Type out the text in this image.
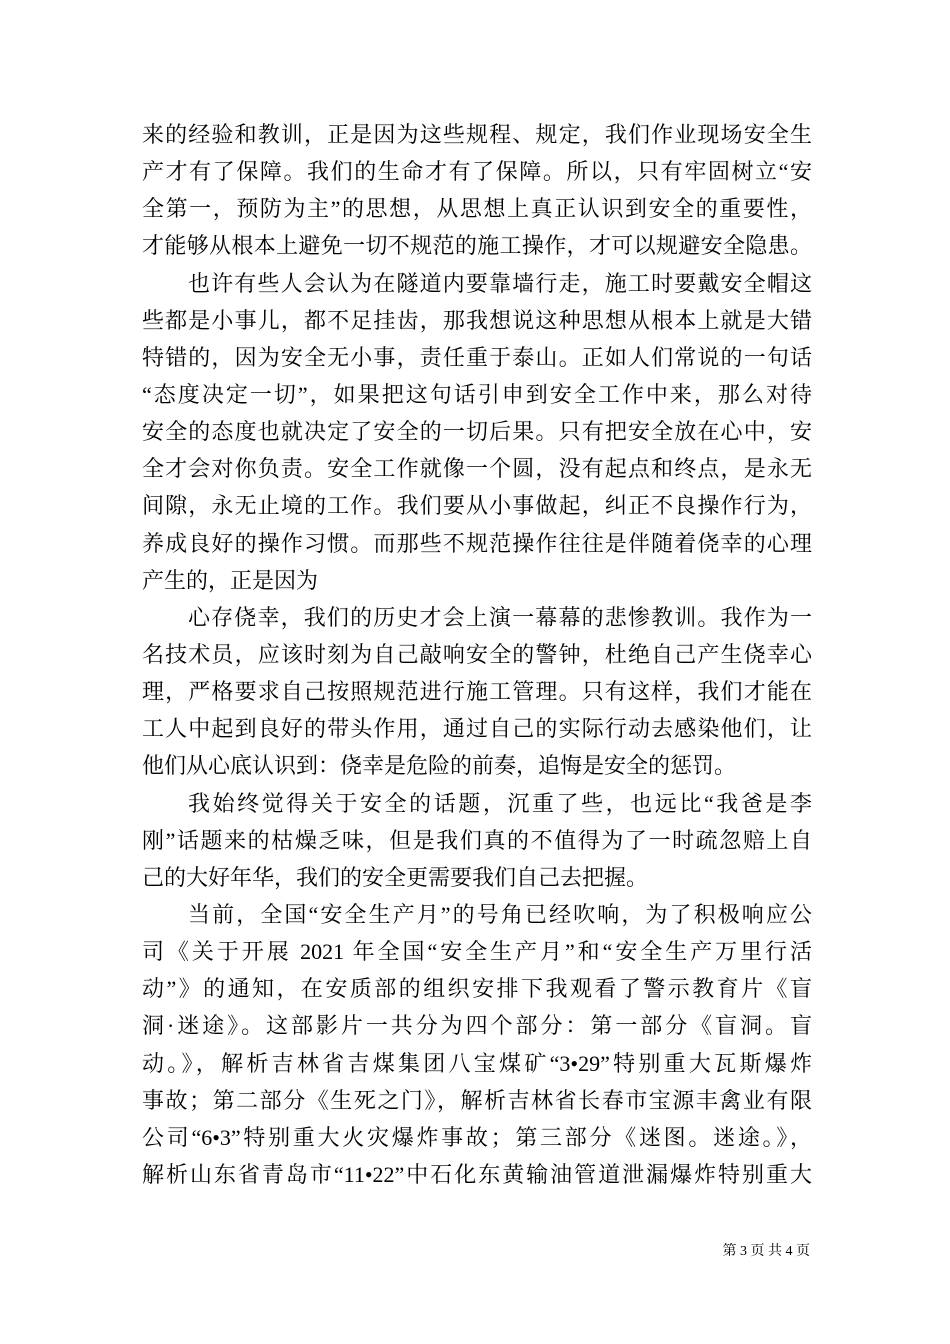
来的经验和教训，正是因为这些规程、规定，我们作业现场安全生
产才有了保障。我们的生命才有了保障。所以，只有牢固树立“安
全第一，预防为主”的思想，从思想上真正认识到安全的重要性，
才能够从根本上避免一切不规范的施工操作，才可以规避安全隐患。
也许有些人会认为在隧道内要靠墙行走，施工时要戴安全帽这
些都是小事儿，都不足挂齿，那我想说这种思想从根本上就是大错
特错的，因为安全无小事，责任重于泰山。正如人们常说的一句话
“态度决定一切”，如果把这句话引申到安全工作中来，那么对待
安全的态度也就决定了安全的一切后果。只有把安全放在心中，安
全才会对你负责。安全工作就像一个圆，没有起点和终点，是永无
间隙，永无止境的工作。我们要从小事做起，纠正不良操作行为，
养成良好的操作习惯。而那些不规范操作往往是伴随着侥幸的心理
产生的，正是因为
心存侥幸，我们的历史才会上演一幕幕的悲惨教训。我作为一
名技术员，应该时刻为自己敲响安全的警钟，杜绝自己产生侥幸心
理，严格要求自己按照规范进行施工管理。只有这样，我们才能在
工人中起到良好的带头作用，通过自己的实际行动去感染他们，让
他们从心底认识到：侥幸是危险的前奏，追悔是安全的惩罚。
我始终觉得关于安全的话题，沉重了些，也远比“我爸是李
刚”话题来的枯燥乏味，但是我们真的不值得为了一时疏忽赔上自
己的大好年华，我们的安全更需要我们自己去把握。
当前，全国“安全生产月”的号角已经吹响，为了积极响应公
司《关于开展 2021 年全国“安全生产月”和“安全生产万里行活
动”》的通知，在安质部的组织安排下我观看了警示教育片《盲
洞·迷途》。这部影片一共分为四个部分：第一部分《盲洞。盲
动。》，解析吉林省吉煤集团八宝煤矿“3•29”特别重大瓦斯爆炸
事故；第二部分《生死之门》，解析吉林省长春市宝源丰禽业有限
公司“6•3”特别重大火灾爆炸事故；第三部分《迷图。迷途。》，
解析山东省青岛市“11•22”中石化东黄输油管道泄漏爆炸特别重大
第 3 页 共 4 页
